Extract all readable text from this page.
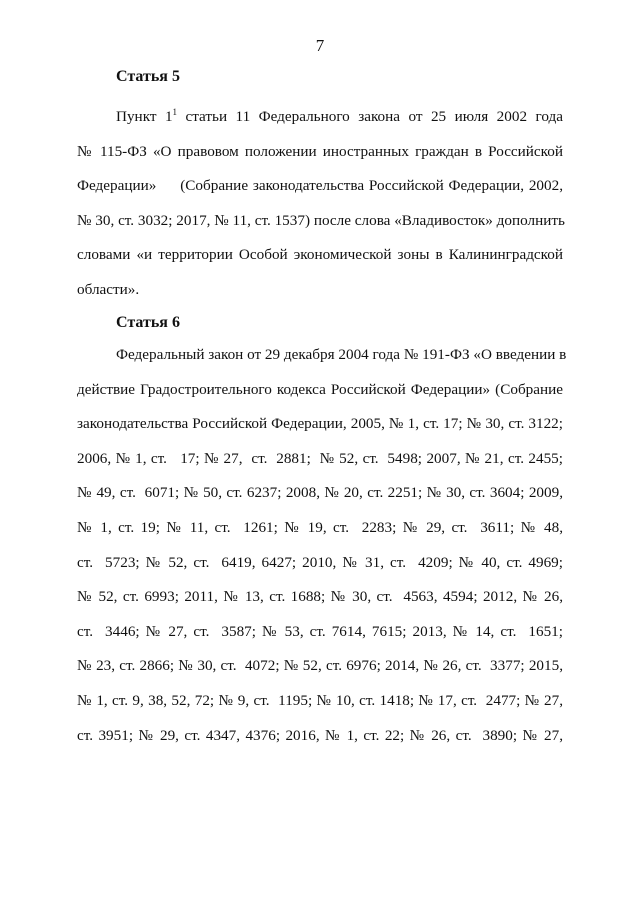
7
Статья 5
Пункт $1^1$ статьи 11 Федерального закона от 25 июля 2002 года
№ 115-ФЗ «О правовом положении иностранных граждан в Российской
Федерации»     (Собрание законодательства Российской Федерации, 2002,
№ 30, ст. 3032; 2017, № 11, ст. 1537) после слова «Владивосток» дополнить
словами «и территории Особой экономической зоны в Калининградской
области».
Статья 6
Федеральный закон от 29 декабря 2004 года № 191-ФЗ «О введении в
действие Градостроительного кодекса Российской Федерации» (Собрание
законодательства Российской Федерации, 2005, № 1, ст. 17; № 30, ст. 3122;
2006, № 1, ст.   17; № 27,  ст.  2881;  № 52, ст.  5498; 2007, № 21, ст. 2455;
№ 49, ст.  6071; № 50, ст. 6237; 2008, № 20, ст. 2251; № 30, ст. 3604; 2009,
№ 1, ст. 19; № 11, ст.  1261; № 19, ст.  2283; № 29, ст.  3611; № 48,
ст.  5723; № 52, ст.  6419, 6427; 2010, № 31, ст.  4209; № 40, ст. 4969;
№ 52, ст. 6993; 2011, № 13, ст. 1688; № 30, ст.  4563, 4594; 2012, № 26,
ст.  3446; № 27, ст.  3587; № 53, ст. 7614, 7615; 2013, № 14, ст.  1651;
№ 23, ст. 2866; № 30, ст.  4072; № 52, ст. 6976; 2014, № 26, ст.  3377; 2015,
№ 1, ст. 9, 38, 52, 72; № 9, ст.  1195; № 10, ст. 1418; № 17, ст.  2477; № 27,
ст. 3951; № 29, ст. 4347, 4376; 2016, № 1, ст. 22; № 26, ст.  3890; № 27,
